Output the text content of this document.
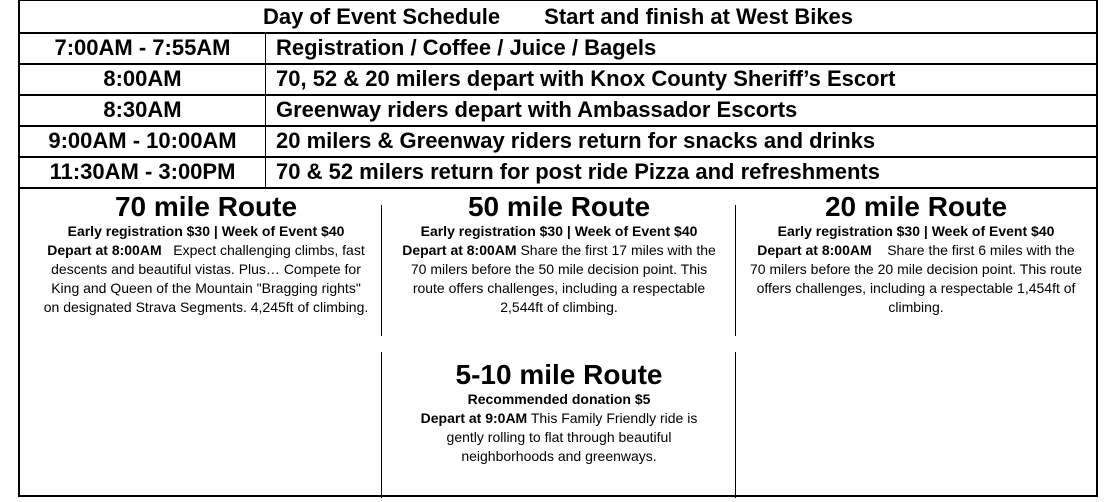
Day of Event Schedule Start and finish at West Bikes
7:00AM - 7:55AM	Registration / Coffee / Juice / Bagels
8:00AM	70, 52 & 20 milers depart with Knox County Sheriff’s Escort
8:30AM	Greenway riders depart with Ambassador Escorts
9:00AM - 10:00AM	20 milers & Greenway riders return for snacks and drinks
11:30AM - 3:00PM	70 & 52 milers return for post ride Pizza and refreshments
70 mile Route
Early registration $30 | Week of Event $40
Depart at 8:00AM   Expect challenging climbs, fast descents and beautiful vistas. Plus… Compete for King and Queen of the Mountain "Bragging rights" on designated Strava Segments. 4,245ft of climbing.
50 mile Route
Early registration $30 | Week of Event $40
Depart at 8:00AM Share the first 17 miles with the 70 milers before the 50 mile decision point. This route offers challenges, including a respectable 2,544ft of climbing.
20 mile Route
Early registration $30 | Week of Event $40
Depart at 8:00AM    Share the first 6 miles with the 70 milers before the 20 mile decision point. This route offers challenges, including a respectable 1,454ft of climbing.
5-10 mile Route
Recommended donation $5
Depart at 9:0AM This Family Friendly ride is gently rolling to flat through beautiful neighborhoods and greenways.
